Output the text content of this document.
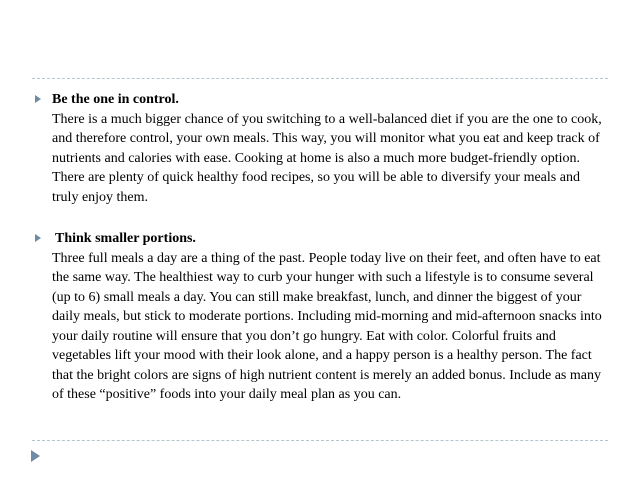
Be the one in control.
There is a much bigger chance of you switching to a well-balanced diet if you are the one to cook, and therefore control, your own meals. This way, you will monitor what you eat and keep track of nutrients and calories with ease. Cooking at home is also a much more budget-friendly option. There are plenty of quick healthy food recipes, so you will be able to diversify your meals and truly enjoy them.
Think smaller portions.
Three full meals a day are a thing of the past. People today live on their feet, and often have to eat the same way. The healthiest way to curb your hunger with such a lifestyle is to consume several (up to 6) small meals a day. You can still make breakfast, lunch, and dinner the biggest of your daily meals, but stick to moderate portions. Including mid-morning and mid-afternoon snacks into your daily routine will ensure that you don’t go hungry. Eat with color. Colorful fruits and vegetables lift your mood with their look alone, and a happy person is a healthy person. The fact that the bright colors are signs of high nutrient content is merely an added bonus. Include as many of these “positive” foods into your daily meal plan as you can.
